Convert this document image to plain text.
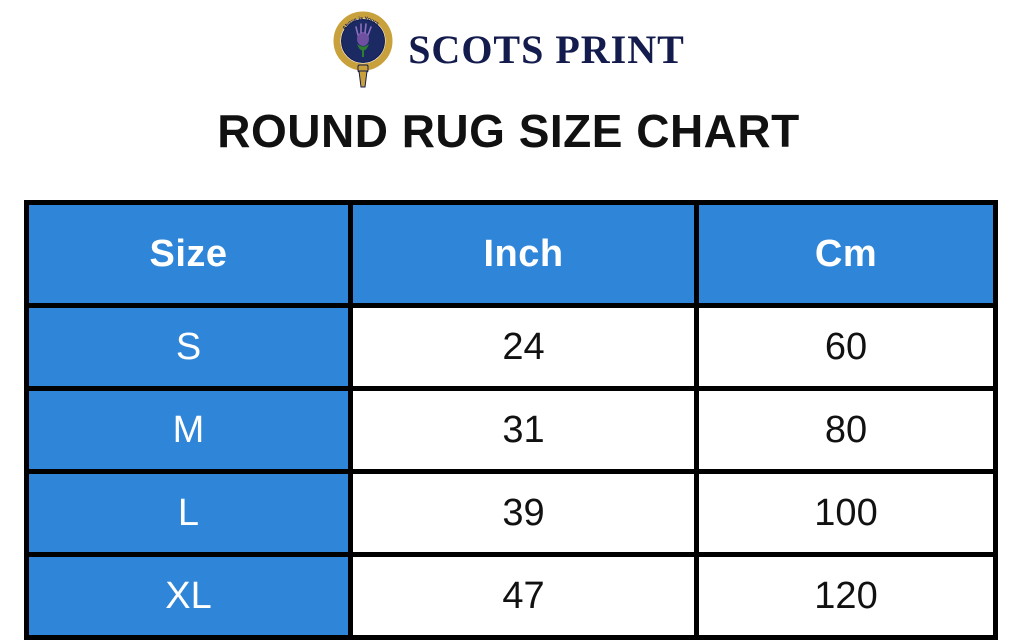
Above is Yours
SCOTS PRINT
ROUND RUG SIZE CHART
Size	Inch	Cm
S	24	60
M	31	80
L	39	100
XL	47	120
